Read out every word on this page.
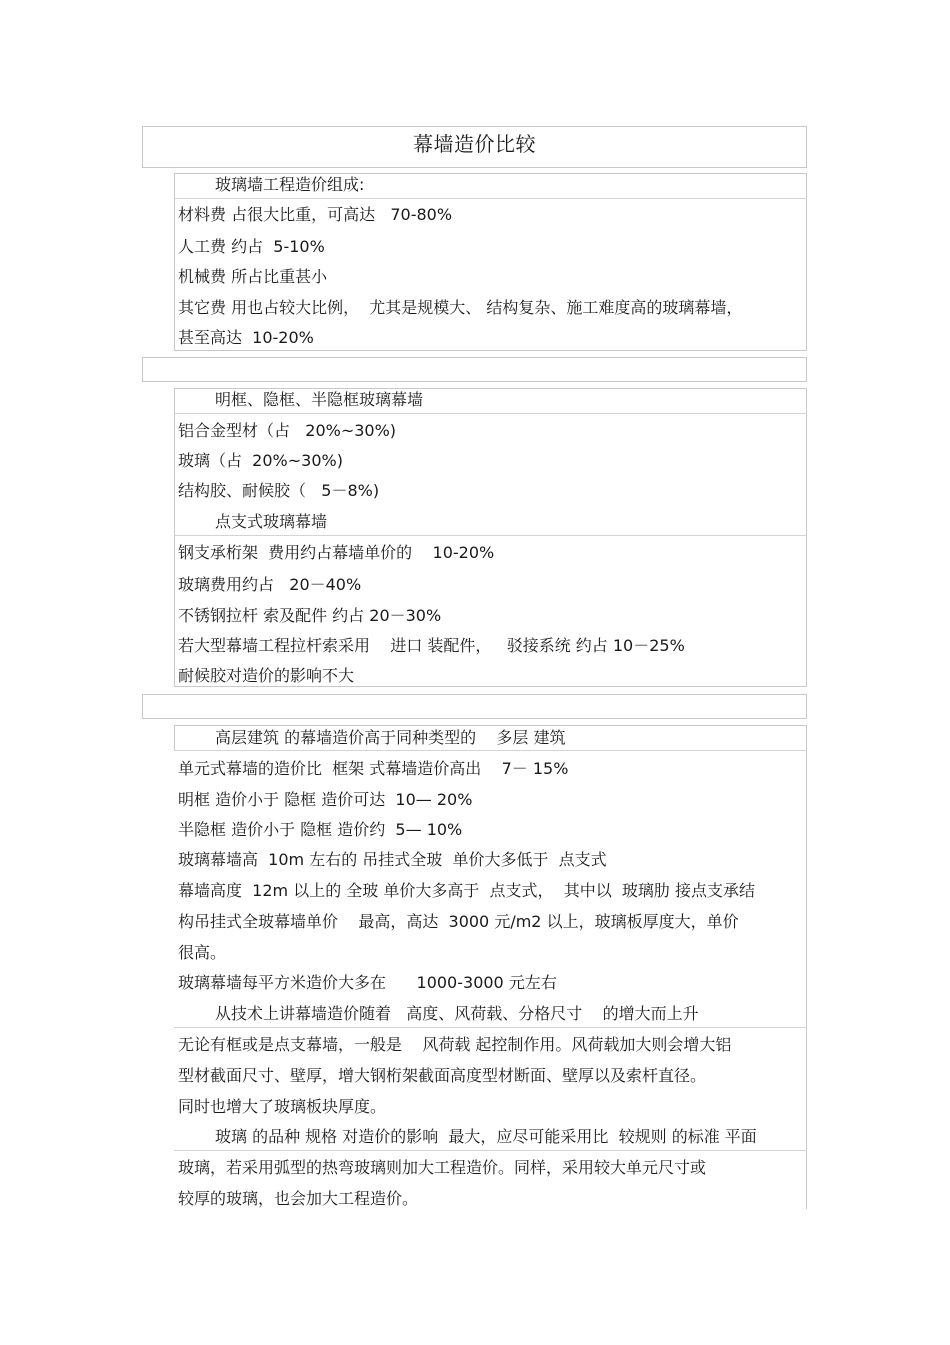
幕墙造价比较
玻璃墙工程造价组成:
材料费 占很大比重，可高达   70-80%
人工费 约占  5-10%
机械费 所占比重甚小
其它费 用也占较大比例，  尤其是规模大、 结构复杂、施工难度高的玻璃幕墙，
甚至高达  10-20%
明框、隐框、半隐框玻璃幕墙
铝合金型材（占   20%~30%)
玻璃（占  20%~30%)
结构胶、耐候胶（   5－8%)
点支式玻璃幕墙
钢支承桁架  费用约占幕墙单价的    10-20%
玻璃费用约占   20－40%
不锈钢拉杆 索及配件 约占 20－30%
若大型幕墙工程拉杆索采用    进口 装配件，   驳接系统 约占 10－25%
耐候胶对造价的影响不大
高层建筑 的幕墙造价高于同种类型的    多层 建筑
单元式幕墙的造价比  框架 式幕墙造价高出    7－ 15%
明框 造价小于 隐框 造价可达  10— 20%
半隐框 造价小于 隐框 造价约  5— 10%
玻璃幕墙高  10m 左右的 吊挂式全玻  单价大多低于  点支式
幕墙高度  12m 以上的 全玻 单价大多高于  点支式，  其中以  玻璃肋 接点支承结
构吊挂式全玻幕墙单价    最高，高达  3000 元/m2 以上，玻璃板厚度大，单价
很高。
玻璃幕墙每平方米造价大多在      1000-3000 元左右
从技术上讲幕墙造价随着   高度、风荷载、分格尺寸    的增大而上升
无论有框或是点支幕墙，一般是    风荷载 起控制作用。风荷载加大则会增大铝
型材截面尺寸、壁厚，增大钢桁架截面高度型材断面、壁厚以及索杆直径。
同时也增大了玻璃板块厚度。
玻璃 的品种 规格 对造价的影响  最大，应尽可能采用比  较规则 的标准 平面
玻璃，若采用弧型的热弯玻璃则加大工程造价。同样，采用较大单元尺寸或
较厚的玻璃，也会加大工程造价。
